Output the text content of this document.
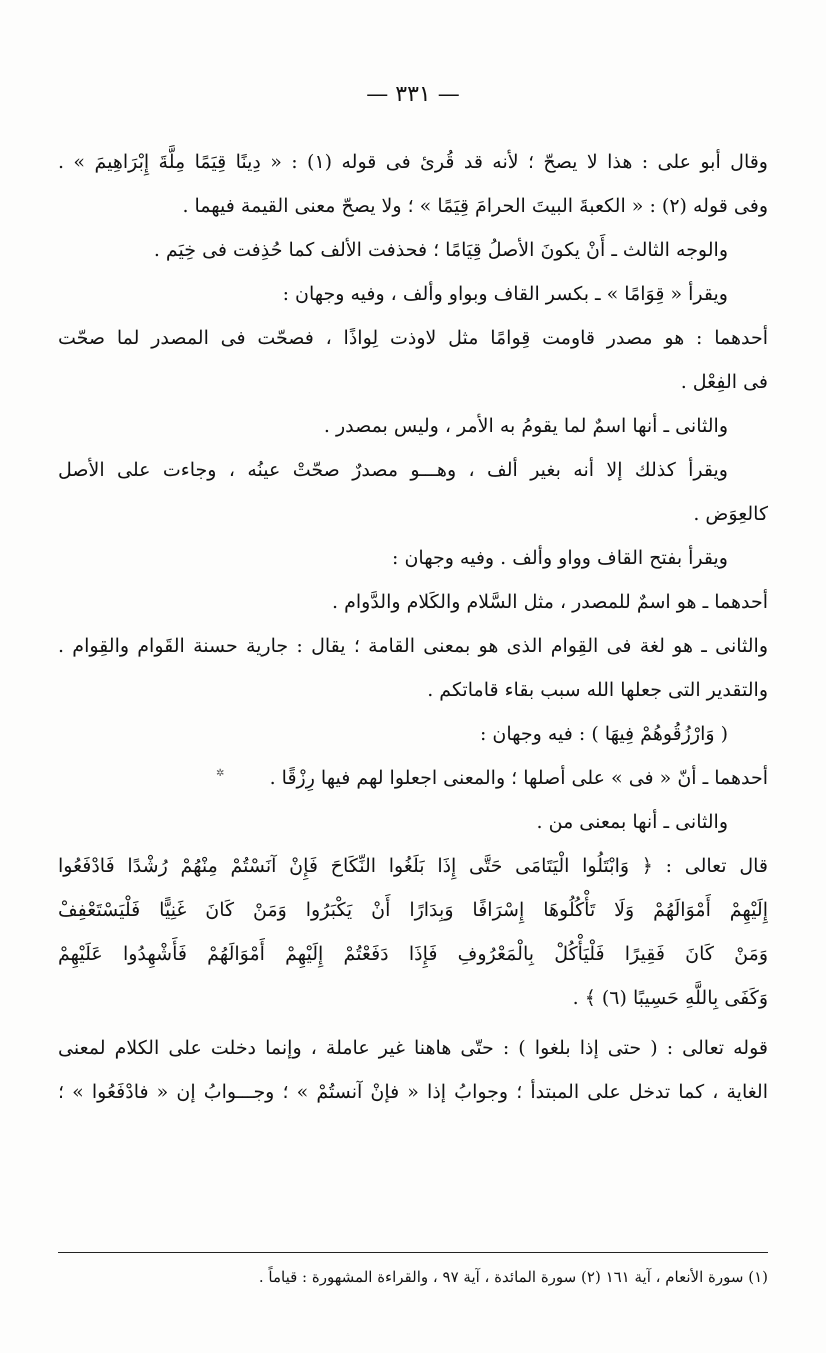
— ٣٣١ —
وقال أبو على : هذا لا يصحّ ؛ لأنه قد قُرئ فى قوله (١) : « دِينًا قِيَمًا مِلَّةَ إِبْرَاهِيمَ » .
وفى قوله (٢) : « الكعبةَ البيتَ الحرامَ قِيَمًا » ؛ ولا يصحّ معنى القيمة فيهما .
والوجه الثالث ـ أَنْ يكونَ الأصلُ قِيَامًا ؛ فحذفت الألف كما حُذِفت فى خِيَم .
ويقرأ « قِوَامًا » ـ بكسر القاف وبواو وألف ، وفيه وجهان :
أحدهما : هو مصدر قاومت قِوامًا مثل لاوذت لِواذًا ، فصحّت فى المصدر لما صحّت
فى الفِعْل .
والثانى ـ أنها اسمٌ لما يقومُ به الأمر ، وليس بمصدر .
ويقرأ كذلك إلا أنه بغير ألف ، وهـــو مصدرٌ صحّتْ عينُه ، وجاءت على الأصل
كالعِوَض .
ويقرأ بفتح القاف وواو وألف . وفيه وجهان :
أحدهما ـ هو اسمٌ للمصدر ، مثل السَّلام والكَلام والدَّوام .
والثانى ـ هو لغة فى القِوام الذى هو بمعنى القامة ؛ يقال : جارية حسنة القَوام والقِوام .
والتقدير التى جعلها الله سبب بقاء قاماتكم .
( وَارْزُقُوهُمْ فِيهَا ) : فيه وجهان :
أحدهما ـ أنّ « فى » على أصلها ؛ والمعنى اجعلوا لهم فيها رِزْقًا .
والثانى ـ أنها بمعنى من .
قال تعالى : ﴿ وَابْتَلُوا الْيَتَامَى حَتَّى إِذَا بَلَغُوا النِّكَاحَ فَإِنْ آنَسْتُمْ مِنْهُمْ رُشْدًا فَادْفَعُوا
إِلَيْهِمْ أَمْوَالَهُمْ وَلَا تَأْكُلُوهَا إِسْرَافًا وَبِدَارًا أَنْ يَكْبَرُوا وَمَنْ كَانَ غَنِيًّا فَلْيَسْتَعْفِفْ
وَمَنْ كَانَ فَقِيرًا فَلْيَأْكُلْ بِالْمَعْرُوفِ فَإِذَا دَفَعْتُمْ إِلَيْهِمْ أَمْوَالَهُمْ فَأَشْهِدُوا عَلَيْهِمْ
وَكَفَى بِاللَّهِ حَسِيبًا (٦) ﴾ .
قوله تعالى : ( حتى إذا بلغوا ) : حتّى هاهنا غير عاملة ، وإنما دخلت على الكلام لمعنى
الغاية ، كما تدخل على المبتدأ ؛ وجوابُ إذا « فإنْ آنستُمْ » ؛ وجـــوابُ إن « فادْفَعُوا » ؛
✲
(١) سورة الأنعام ، آية ١٦١ (٢) سورة المائدة ، آية ٩٧ ، والقراءة المشهورة : قياماً .
